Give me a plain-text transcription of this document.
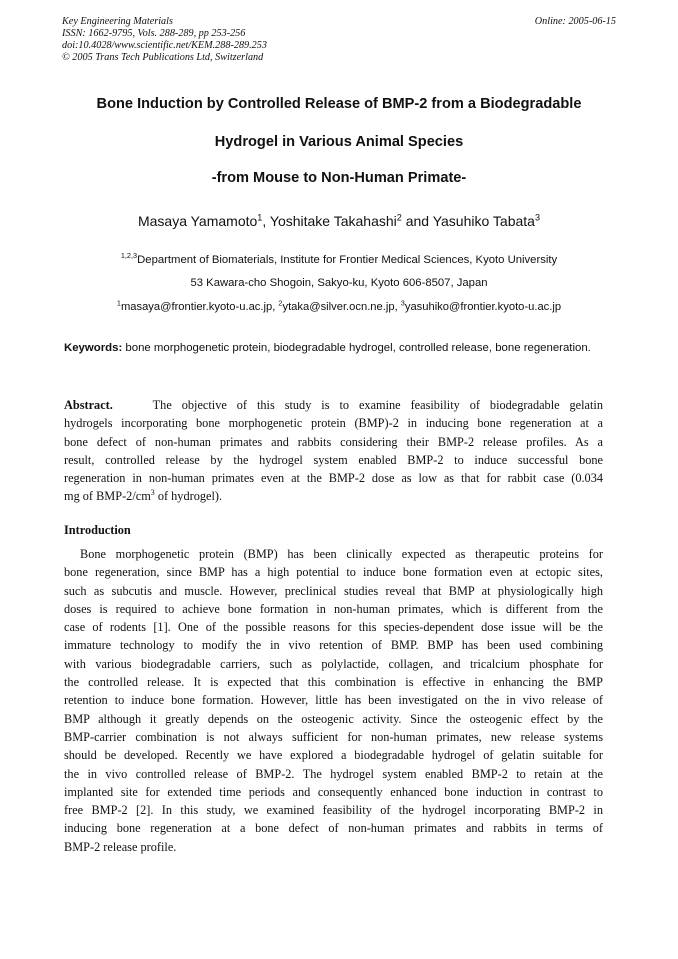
Key Engineering Materials
ISSN: 1662-9795, Vols. 288-289, pp 253-256
doi:10.4028/www.scientific.net/KEM.288-289.253
© 2005 Trans Tech Publications Ltd, Switzerland
Online: 2005-06-15
Bone Induction by Controlled Release of BMP-2 from a Biodegradable
Hydrogel in Various Animal Species
-from Mouse to Non-Human Primate-
Masaya Yamamoto$^1$, Yoshitake Takahashi$^2$ and Yasuhiko Tabata$^3$
$^{1,2,3}$Department of Biomaterials, Institute for Frontier Medical Sciences, Kyoto University
53 Kawara-cho Shogoin, Sakyo-ku, Kyoto 606-8507, Japan
$^1$masaya@frontier.kyoto-u.ac.jp, $^2$ytaka@silver.ocn.ne.jp, $^3$yasuhiko@frontier.kyoto-u.ac.jp
Keywords: bone morphogenetic protein, biodegradable hydrogel, controlled release, bone regeneration.
Abstract.	The objective of this study is to examine feasibility of biodegradable gelatin
hydrogels incorporating bone morphogenetic protein (BMP)-2 in inducing bone regeneration at a
bone defect of non-human primates and rabbits considering their BMP-2 release profiles. As a
result, controlled release by the hydrogel system enabled BMP-2 to induce successful bone
regeneration in non-human primates even at the BMP-2 dose as low as that for rabbit case (0.034
mg of BMP-$2/cm^3$ of hydrogel).
Introduction
Bone morphogenetic protein (BMP) has been clinically expected as therapeutic proteins for
bone regeneration, since BMP has a high potential to induce bone formation even at ectopic sites,
such as subcutis and muscle. However, preclinical studies reveal that BMP at physiologically high
doses is required to achieve bone formation in non-human primates, which is different from the
case of rodents [1]. One of the possible reasons for this species-dependent dose issue will be the
immature technology to modify the in vivo retention of BMP. BMP has been used combining
with various biodegradable carriers, such as polylactide, collagen, and tricalcium phosphate for
the controlled release. It is expected that this combination is effective in enhancing the BMP
retention to induce bone formation. However, little has been investigated on the in vivo release of
BMP although it greatly depends on the osteogenic activity. Since the osteogenic effect by the
BMP-carrier combination is not always sufficient for non-human primates, new release systems
should be developed. Recently we have explored a biodegradable hydrogel of gelatin suitable for
the in vivo controlled release of BMP-2. The hydrogel system enabled BMP-2 to retain at the
implanted site for extended time periods and consequently enhanced bone induction in contrast to
free BMP-2 [2]. In this study, we examined feasibility of the hydrogel incorporating BMP-2 in
inducing bone regeneration at a bone defect of non-human primates and rabbits in terms of
BMP-2 release profile.
